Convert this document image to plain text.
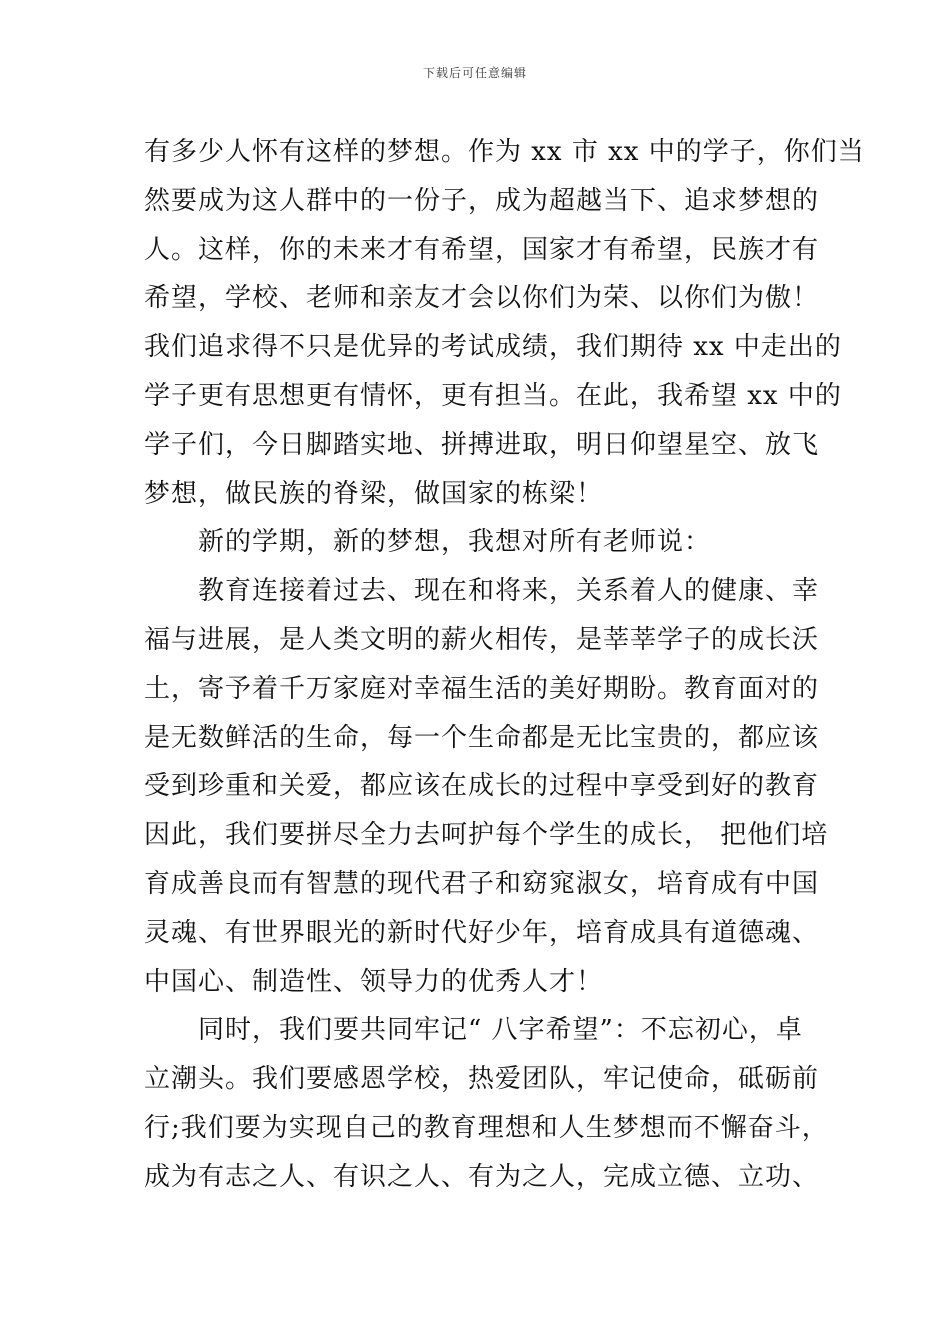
下载后可任意编辑
有多少人怀有这样的梦想。作为 xx 市 xx 中的学子，你们当
然要成为这人群中的一份子，成为超越当下、追求梦想的
人。这样，你的未来才有希望，国家才有希望，民族才有
希望，学校、老师和亲友才会以你们为荣、以你们为傲！
我们追求得不只是优异的考试成绩，我们期待 xx 中走出的
学子更有思想更有情怀，更有担当。在此，我希望 xx 中的
学子们，今日脚踏实地、拼搏进取，明日仰望星空、放飞
梦想，做民族的脊梁，做国家的栋梁！
新的学期，新的梦想，我想对所有老师说：
教育连接着过去、现在和将来，关系着人的健康、幸
福与进展，是人类文明的薪火相传，是莘莘学子的成长沃
土，寄予着千万家庭对幸福生活的美好期盼。教育面对的
是无数鲜活的生命，每一个生命都是无比宝贵的，都应该
受到珍重和关爱，都应该在成长的过程中享受到好的教育
因此，我们要拼尽全力去呵护每个学生的成长， 把他们培
育成善良而有智慧的现代君子和窈窕淑女，培育成有中国
灵魂、有世界眼光的新时代好少年，培育成具有道德魂、
中国心、制造性、领导力的优秀人才！
同时，我们要共同牢记“ 八字希望”：不忘初心，卓
立潮头。我们要感恩学校，热爱团队，牢记使命，砥砺前
行;我们要为实现自己的教育理想和人生梦想而不懈奋斗，
成为有志之人、有识之人、有为之人，完成立德、立功、
